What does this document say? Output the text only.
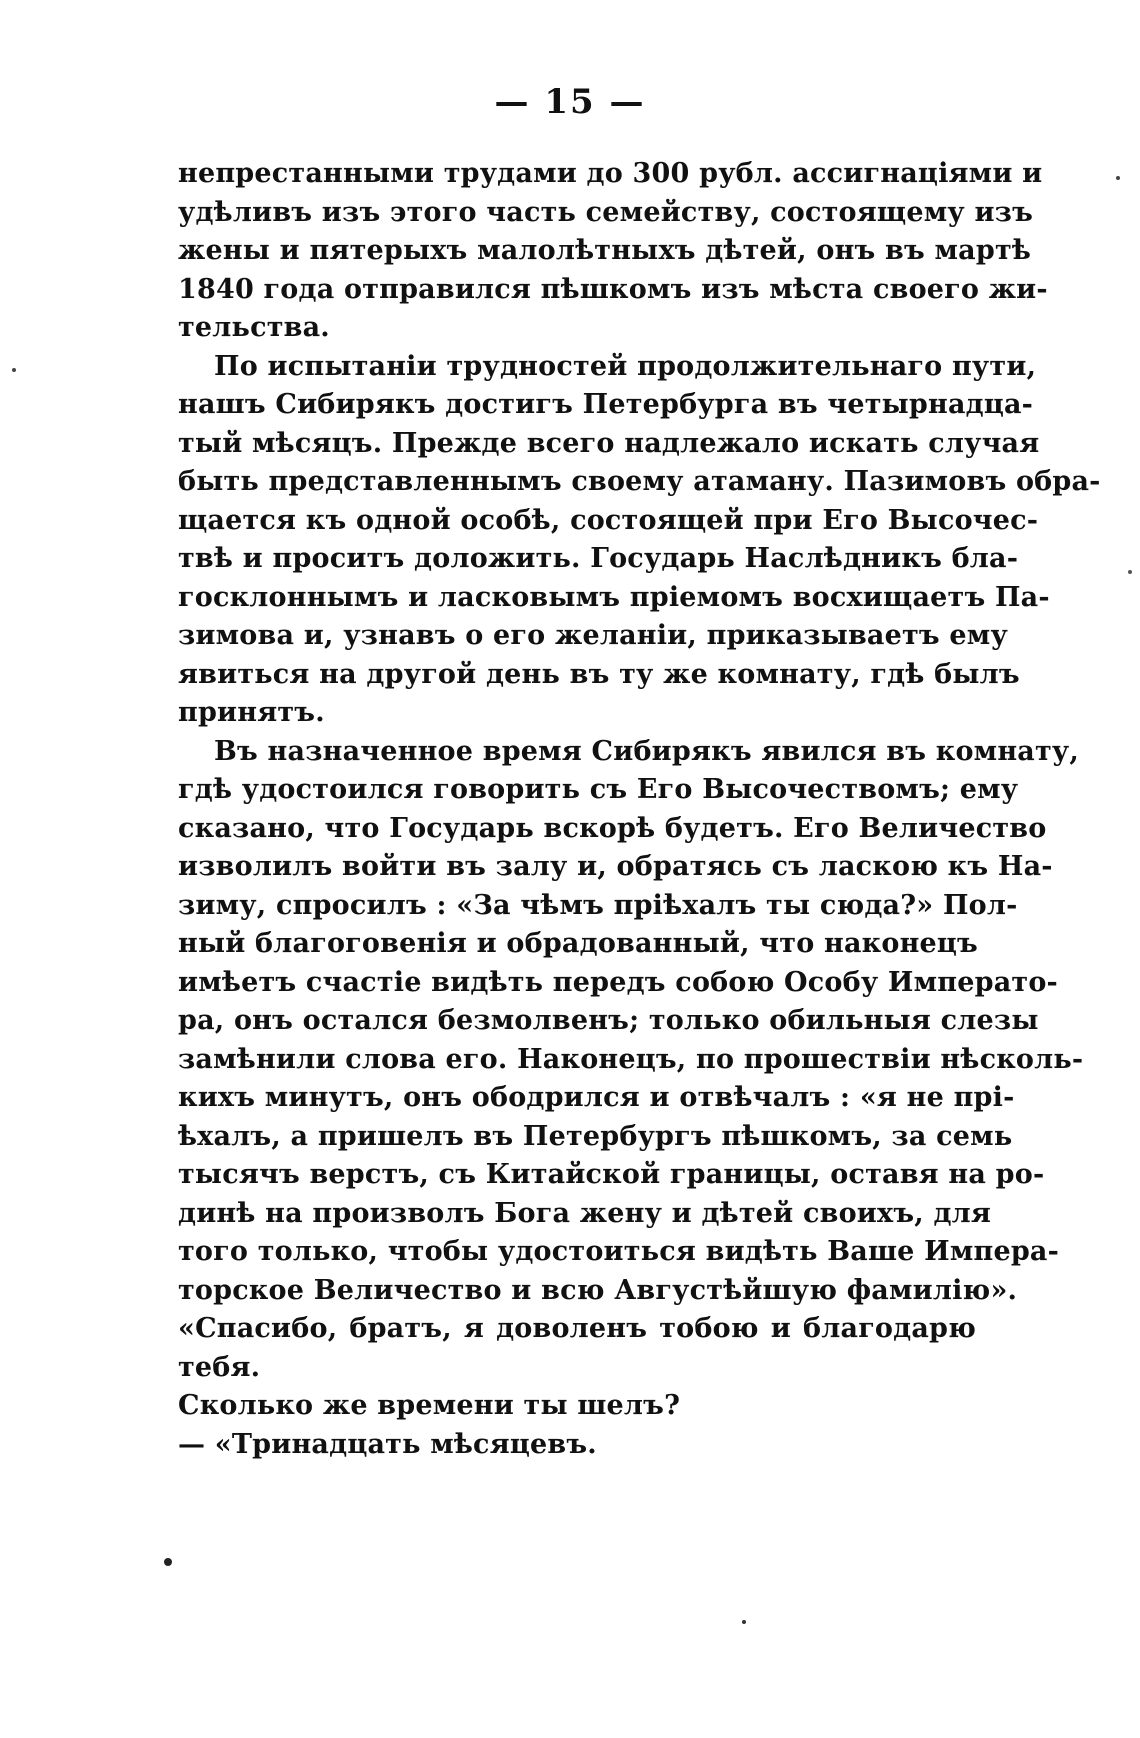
— 15 —
непрестанными трудами до 300 рубл. ассигнаціями и
удѣливъ изъ этого часть семейству, состоящему изъ
жены и пятерыхъ малолѣтныхъ дѣтей, онъ въ мартѣ
1840 года отправился пѣшкомъ изъ мѣста своего жи-
тельства.
По испытаніи трудностей продолжительнаго пути,
нашъ Сибирякъ достигъ Петербурга въ четырнадца-
тый мѣсяцъ. Прежде всего надлежало искать случая
быть представленнымъ своему атаману. Пазимовъ обра-
щается къ одной особѣ, состоящей при Его Высочес-
твѣ и проситъ доложить. Государь Наслѣдникъ бла-
госклоннымъ и ласковымъ пріемомъ восхищаетъ Па-
зимова и, узнавъ о его желаніи, приказываетъ ему
явиться на другой день въ ту же комнату, гдѣ былъ
принятъ.
Въ назначенное время Сибирякъ явился въ комнату,
гдѣ удостоился говорить съ Его Высочествомъ; ему
сказано, что Государь вскорѣ будетъ. Его Величество
изволилъ войти въ залу и, обратясь съ ласкою къ На-
зиму, спросилъ : «За чѣмъ пріѣхалъ ты сюда?» Пол-
ный благоговенія и обрадованный, что наконецъ
имѣетъ счастіе видѣть передъ собою Особу Императо-
ра, онъ остался безмолвенъ; только обильныя слезы
замѣнили слова его. Наконецъ, по прошествіи нѣсколь-
кихъ минутъ, онъ ободрился и отвѣчалъ : «я не прі-
ѣхалъ, а пришелъ въ Петербургъ пѣшкомъ, за семь
тысячъ верстъ, съ Китайской границы, оставя на ро-
динѣ на произволъ Бога жену и дѣтей своихъ, для
того только, чтобы удостоиться видѣть Вашe Импера-
торское Величество и всю Августѣйшую фамилію».
«Спасибо, братъ, я доволенъ тобою и благодарю
тебя.
Сколько же времени ты шелъ?
— «Тринадцать мѣсяцевъ.
